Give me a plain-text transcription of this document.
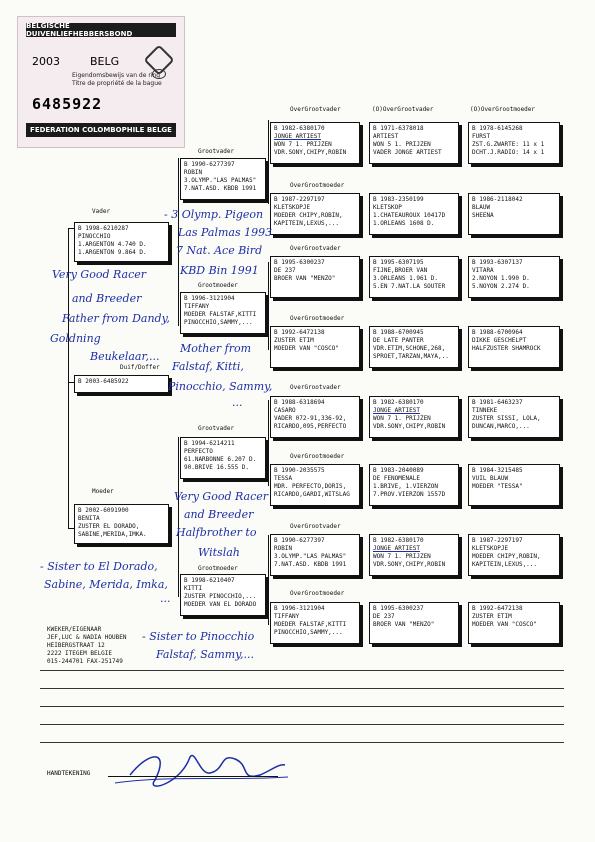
BELGISCHE DUIVENLIEFHEBBERSBOND
2003	BELG
Eigendomsbewijs van de ring
Titre de propriété de la bague
6485922
FEDERATION COLOMBOPHILE BELGE
OverGrootvader	(O)OverGrootvader	(O)OverGrootmoeder
Grootvader
Vader
OverGrootmoeder
Grootmoeder
OverGrootvader
OverGrootmoeder
Duif/Doffer
Grootvader
OverGrootvader
Moeder
OverGrootmoeder
Grootmoeder
OverGrootvader
OverGrootmoeder
B 1998-6210287
PINOCCHIO
1.ARGENTON 4.740 D.
1.ARGENTON 9.864 D.
B 2003-6485922
B 2002-6091900
BENITA
ZUSTER EL DORADO,
SABINE,MERIDA,IMKA.
B 1990-6277397
ROBIN
3.OLYMP."LAS PALMAS"
7.NAT.ASD. KBDB 1991
B 1996-3121904
TIFFANY
MOEDER FALSTAF,KITTI
PINOCCHIO,SAMMY,...
B 1994-6214211
PERFECTO
61.NARBONNE 6.207 D.
90.BRIVE 16.555 D.
B 1998-6210407
KITTI
ZUSTER PINOCCHIO,...
MOEDER VAN EL DORADO
B 1982-6380170
JONGE ARTIEST
WON 7 1. PRIJZEN
VDR.SONY,CHIPY,ROBIN
B 1987-2297197
KLETSKOPJE
MOEDER CHIPY,ROBIN,
KAPITEIN,LEXUS,...
B 1995-6300237
DE 237
BROER VAN "MENZO"
B 1992-6472138
ZUSTER ETIM
MOEDER VAN "COSCO"
B 1988-6318694
CASARO
VADER 072-91,336-92,
RICARDO,095,PERFECTO
B 1990-2035575
TESSA
MDR. PERFECTO,DORIS,
RICARDO,GARDI,WITSLAG
B 1990-6277397
ROBIN
3.OLYMP."LAS PALMAS"
7.NAT.ASD. KBDB 1991
B 1996-3121904
TIFFANY
MOEDER FALSTAF,KITTI
PINOCCHIO,SAMMY,...
B 1971-6378018
ARTIEST
WON 5 1. PRIJZEN
VADER JONGE ARTIEST
B 1983-2350199
KLETSKOP
1.CHATEAUROUX 10417D
1.ORLEANS 1608 D.
B 1995-6307195
FIJNE,BROER VAN
3.ORLEANS 1.961 D.
5.EN 7.NAT.LA SOUTER
B 1988-6700945
DE LATE PANTER
VDR.ETIM,SCHONE,268,
SPROET,TARZAN,MAYA,..
B 1982-6380170
JONGE ARTIEST
WON 7 1. PRIJZEN
VDR.SONY,CHIPY,ROBIN
B 1983-2040089
DE FENOMENALE
1.BRIVE, 1.VIERZON
7.PROV.VIERZON 1557D
B 1982-6380170
JONGE ARTIEST
WON 7 1. PRIJZEN
VDR.SONY,CHIPY,ROBIN
B 1995-6300237
DE 237
BROER VAN "MENZO"
B 1978-6145268
FURST
ZST.G.ZWARTE: 11 x 1
DCHT.J.RADIO: 14 x 1
B 1986-2118042
BLAUW
SHEENA
B 1993-6307137
VITARA
2.NOYON 1.990 D.
5.NOYON 2.274 D.
B 1988-6700964
DIKKE GESCHELPT
HALFZUSTER SHAMROCK
B 1981-6463237
TINNEKE
ZUSTER SISSI, LOLA,
DUNCAN,MARCO,...
B 1984-3215485
VUIL BLAUW
MOEDER "TESSA"
B 1987-2297197
KLETSKOPJE
MOEDER CHIPY,ROBIN,
KAPITEIN,LEXUS,...
B 1992-6472138
ZUSTER ETIM
MOEDER VAN "COSCO"
- 3 Olymp. Pigeon
Las Palmas 1993
7 Nat. Ace Bird
KBD Bin 1991
Very Good Racer
and Breeder
Father from Dandy,
Goldning
Beukelaar,...
Mother from
Falstaf, Kitti,
Pinocchio, Sammy,
...
Very Good Racer
and Breeder
Halfbrother to
Witslah
- Sister to El Dorado,
Sabine, Merida, Imka,
...
- Sister to Pinocchio
Falstaf, Sammy,...
KWEKER/EIGENAAR
JEF,LUC & NADIA HOUBEN
HEIBERGSTRAAT 12
2222 ITEGEM BELGIE
015-244701 FAX-251749
HANDTEKENING
